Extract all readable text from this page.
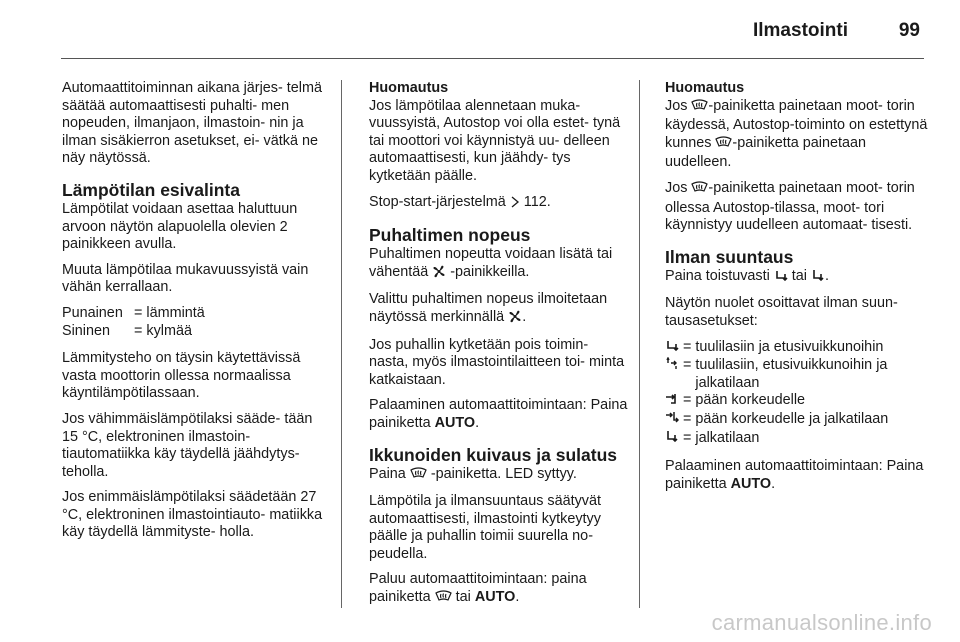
Ilmastointi	99

Automaattitoiminnan aikana järjes- telmä säätää automaattisesti puhalti- men nopeuden, ilmanjaon, ilmastoin- nin ja ilman sisäkierron asetukset, ei- vätkä ne näy näytössä.

Lämpötilan esivalinta

Lämpötilat voidaan asettaa haluttuun arvoon näytön alapuolella olevien 2 painikkeen avulla.

Muuta lämpötilaa mukavuussyistä vain vähän kerrallaan.

Punainen	=	lämmintä
Sininen	=	kylmää

Lämmitysteho on täysin käytettävissä vasta moottorin ollessa normaalissa käyntilämpötilassaan.

Jos vähimmäislämpötilaksi sääde- tään 15 °C, elektroninen ilmastoin- tiautomatiikka käy täydellä jäähdytys- teholla.

Jos enimmäislämpötilaksi säädetään 27 °C, elektroninen ilmastointiauto- matiikka käy täydellä lämmityste- holla.

Huomautus

Jos lämpötilaa alennetaan muka- vuussyistä, Autostop voi olla estet- tynä tai moottori voi käynnistyä uu- delleen automaattisesti, kun jäähdy- tys kytketään päälle.

Stop-start-järjestelmä 112.

Puhaltimen nopeus

Puhaltimen nopeutta voidaan lisätä tai vähentää -painikkeilla.

Valittu puhaltimen nopeus ilmoitetaan näytössä merkinnällä .

Jos puhallin kytketään pois toimin- nasta, myös ilmastointilaitteen toi- minta katkaistaan.

Palaaminen automaattitoimintaan: Paina painiketta AUTO.

Ikkunoiden kuivaus ja sulatus

Paina -painiketta. LED syttyy.

Lämpötila ja ilmansuuntaus säätyvät automaattisesti, ilmastointi kytkeytyy päälle ja puhallin toimii suurella no- peudella.

Paluu automaattitoimintaan: paina painiketta tai AUTO.

Huomautus

Jos -painiketta painetaan moot- torin käydessä, Autostop-toiminto on estettynä kunnes -painiketta painetaan uudelleen.

Jos -painiketta painetaan moot- torin ollessa Autostop-tilassa, moot- tori käynnistyy uudelleen automaat- tisesti.

Ilman suuntaus

Paina toistuvasti tai .

Näytön nuolet osoittavat ilman suun- tausasetukset:

	=	tuulilasiin ja etusivuikkunoihin
	=	tuulilasiin, etusivuikkunoihin ja jalkatilaan
	=	pään korkeudelle
	=	pään korkeudelle ja jalkatilaan
	=	jalkatilaan

Palaaminen automaattitoimintaan: Paina painiketta AUTO.

carmanualsonline.info
